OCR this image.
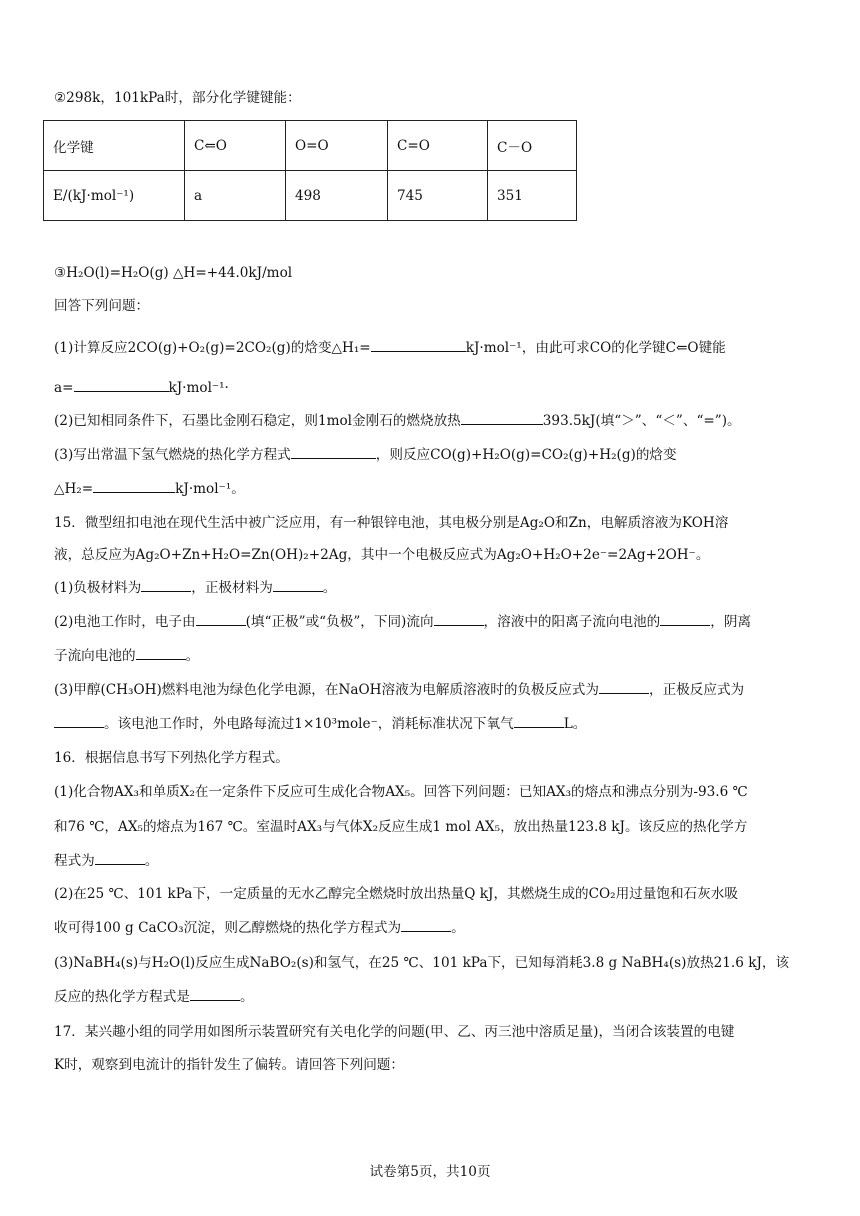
②298k，101kPa时，部分化学键键能：
化学键	C⇐O	O=O	C=O	C－O
E/(kJ·mol⁻¹)	a	498	745	351
③H₂O(l)=H₂O(g) △H=+44.0kJ/mol
回答下列问题：
(1)计算反应2CO(g)+O₂(g)=2CO₂(g)的焓变△H₁=	kJ·mol⁻¹，由此可求CO的化学键C⇐O键能
a=	kJ·mol⁻¹·
(2)已知相同条件下，石墨比金刚石稳定，则1mol金刚石的燃烧放热	393.5kJ(填“＞”、“＜”、“=”)。
(3)写出常温下氢气燃烧的热化学方程式	，则反应CO(g)+H₂O(g)=CO₂(g)+H₂(g)的焓变
△H₂=	kJ·mol⁻¹。
15．微型纽扣电池在现代生活中被广泛应用，有一种银锌电池，其电极分别是Ag₂O和Zn，电解质溶液为KOH溶
液，总反应为Ag₂O+Zn+H₂O=Zn(OH)₂+2Ag，其中一个电极反应式为Ag₂O+H₂O+2e⁻=2Ag+2OH⁻。
(1)负极材料为	，正极材料为	。
(2)电池工作时，电子由	(填“正极”或“负极”，下同)流向	，溶液中的阳离子流向电池的	，阴离
子流向电池的	。
(3)甲醇(CH₃OH)燃料电池为绿色化学电源，在NaOH溶液为电解质溶液时的负极反应式为	，正极反应式为
。该电池工作时，外电路每流过1×10³mole⁻，消耗标准状况下氧气	L。
16．根据信息书写下列热化学方程式。
(1)化合物AX₃和单质X₂在一定条件下反应可生成化合物AX₅。回答下列问题：已知AX₃的熔点和沸点分别为-93.6 ℃
和76 ℃，AX₅的熔点为167 ℃。室温时AX₃与气体X₂反应生成1 mol AX₅，放出热量123.8 kJ。该反应的热化学方
程式为	。
(2)在25 ℃、101 kPa下，一定质量的无水乙醇完全燃烧时放出热量Q kJ，其燃烧生成的CO₂用过量饱和石灰水吸
收可得100 g CaCO₃沉淀，则乙醇燃烧的热化学方程式为	。
(3)NaBH₄(s)与H₂O(l)反应生成NaBO₂(s)和氢气，在25 ℃、101 kPa下，已知每消耗3.8 g NaBH₄(s)放热21.6 kJ，该
反应的热化学方程式是	。
17．某兴趣小组的同学用如图所示装置研究有关电化学的问题(甲、乙、丙三池中溶质足量)，当闭合该装置的电键
K时，观察到电流计的指针发生了偏转。请回答下列问题：
试卷第5页，共10页
